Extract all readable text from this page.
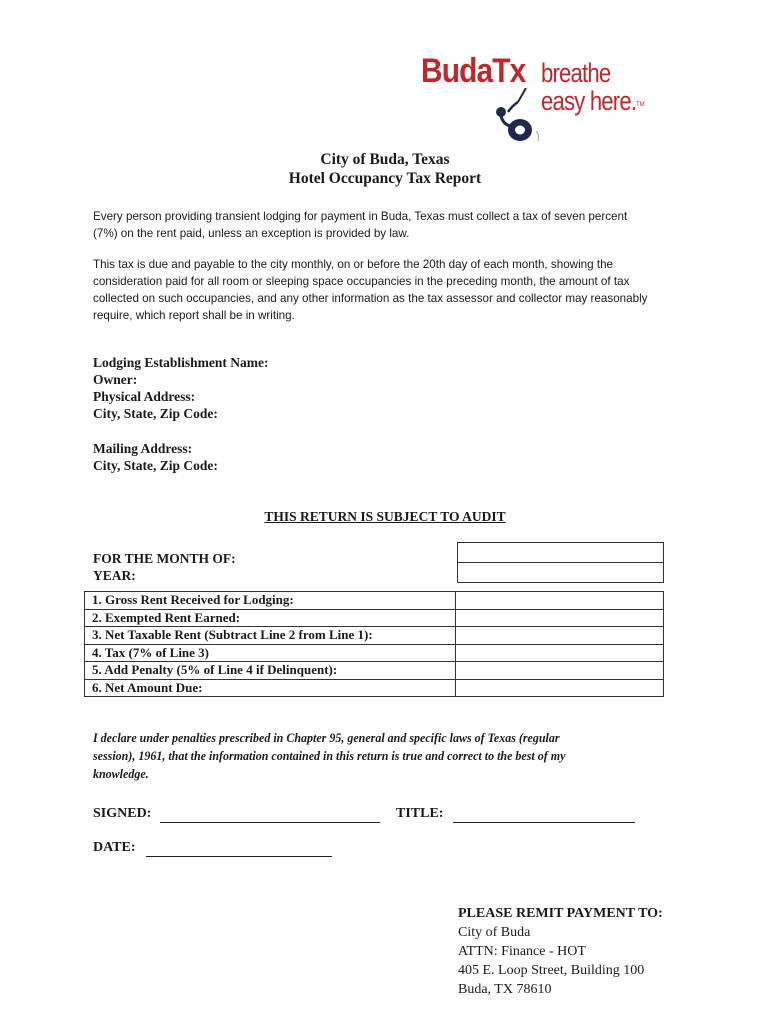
BudaTx breathe
easy here. TM
City of Buda, Texas
Hotel Occupancy Tax Report
Every person providing transient lodging for payment in Buda, Texas must collect a tax of seven percent
(7%) on the rent paid, unless an exception is provided by law.
This tax is due and payable to the city monthly, on or before the 20th day of each month, showing the
consideration paid for all room or sleeping space occupancies in the preceding month, the amount of tax
collected on such occupancies, and any other information as the tax assessor and collector may reasonably
require, which report shall be in writing.
Lodging Establishment Name:
Owner:
Physical Address:
City, State, Zip Code:
Mailing Address:
City, State, Zip Code:
THIS RETURN IS SUBJECT TO AUDIT
FOR THE MONTH OF:
YEAR:

1. Gross Rent Received for Lodging:	
2. Exempted Rent Earned:	
3. Net Taxable Rent (Subtract Line 2 from Line 1):	
4. Tax (7% of Line 3)	
5. Add Penalty (5% of Line 4 if Delinquent):	
6. Net Amount Due:	
I declare under penalties prescribed in Chapter 95, general and specific laws of Texas (regular
session), 1961, that the information contained in this return is true and correct to the best of my
knowledge.
SIGNED:	TITLE:
DATE:
PLEASE REMIT PAYMENT TO:
City of Buda
ATTN: Finance - HOT
405 E. Loop Street, Building 100
Buda, TX 78610
